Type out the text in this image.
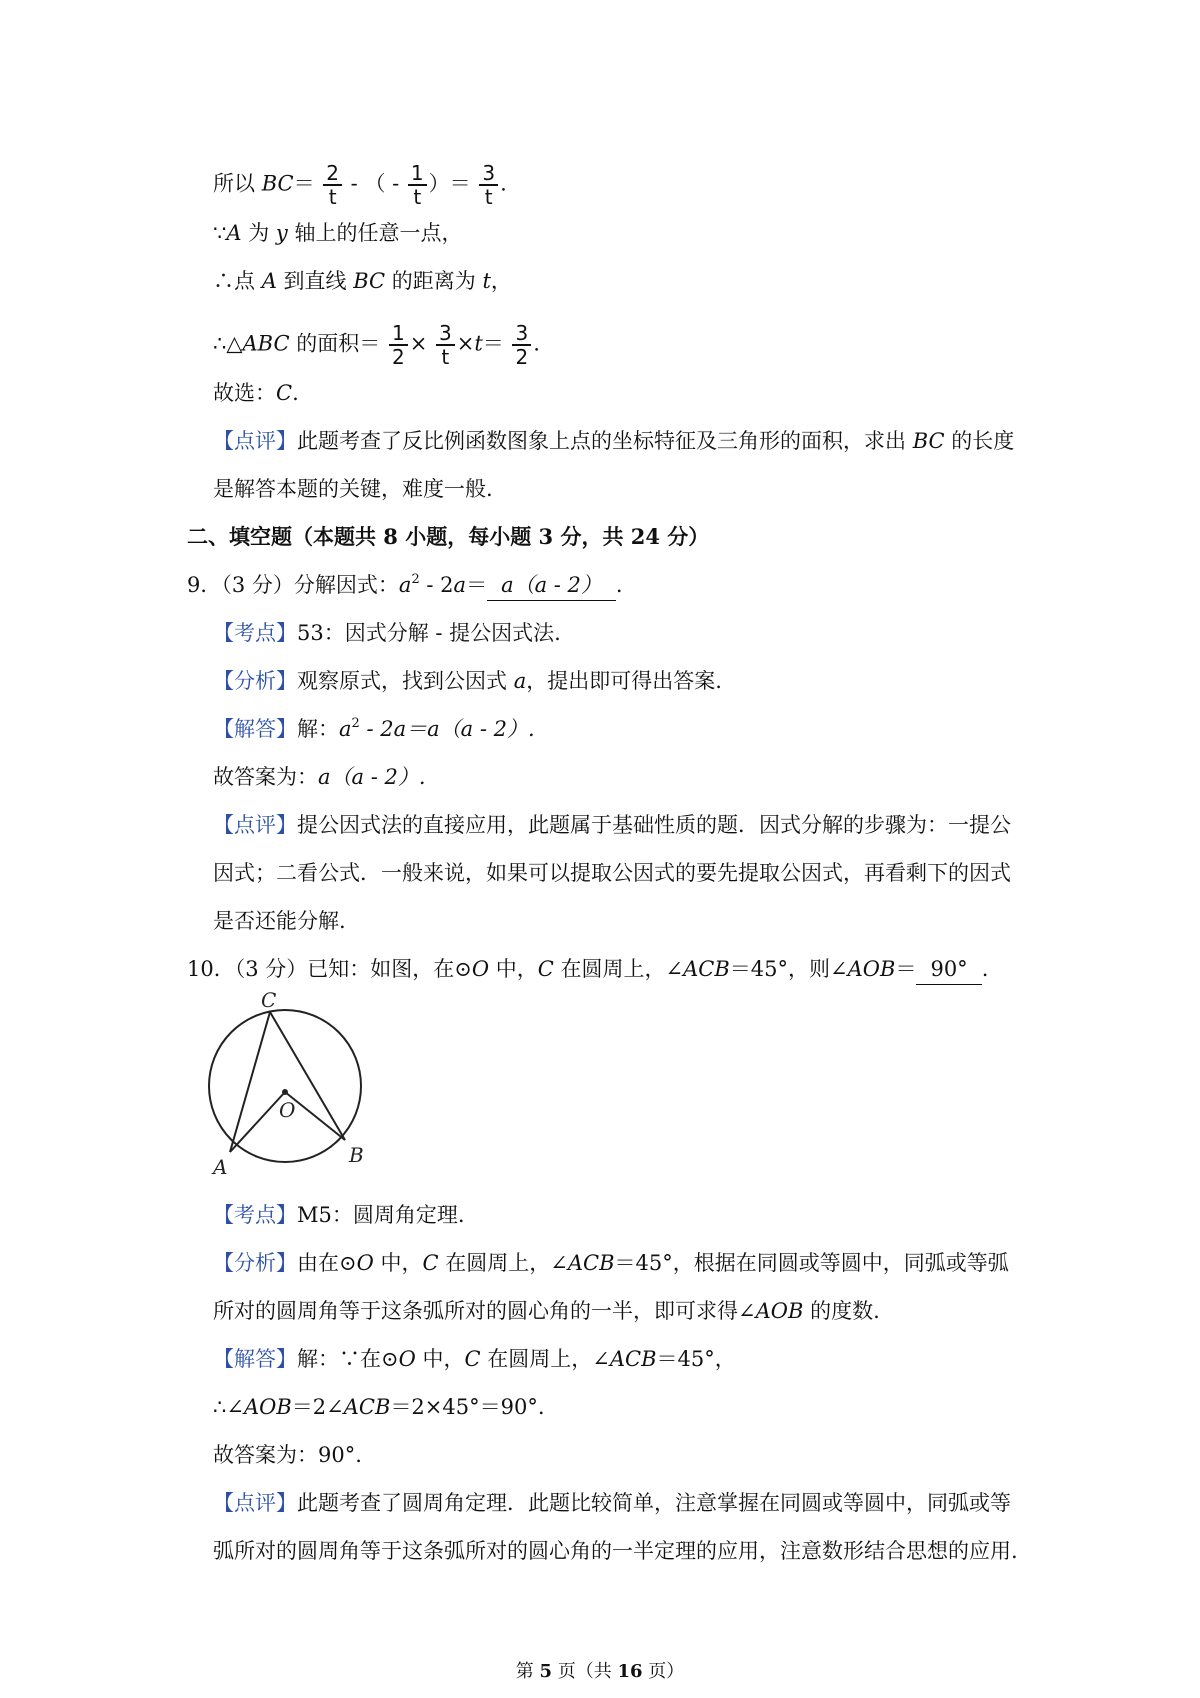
所以 $BC= \frac{2}{t}$ - （ - $\frac{1}{t}$ ）＝ $\frac{3}{t}$ .
∵A 为 y 轴上的任意一点，
∴点 A 到直线 BC 的距离为 t，
∴△ABC 的面积＝ $\frac{1}{2} \times \frac{3}{t} \times t= \frac{3}{2}$ .
故选：C.
【点评】此题考查了反比例函数图象上点的坐标特征及三角形的面积，求出 BC 的长度
是解答本题的关键，难度一般.
二、填空题（本题共 8 小题，每小题 3 分，共 24 分）
9．（3 分）分解因式：$a^2 - 2a= a(a - 2)$ .
【考点】53：因式分解 - 提公因式法.
【分析】观察原式，找到公因式 a，提出即可得出答案.
【解答】解：$a^2 - 2a=a(a - 2)$.
故答案为：a（a - 2）.
【点评】提公因式法的直接应用，此题属于基础性质的题．因式分解的步骤为：一提公
因式；二看公式．一般来说，如果可以提取公因式的要先提取公因式，再看剩下的因式
是否还能分解.
10．（3 分）已知：如图，在⊙O 中，C 在圆周上，∠ACB＝45°，则∠AOB＝ 90° .
C
O
A	B
【考点】M5：圆周角定理.
【分析】由在⊙O 中，C 在圆周上，∠ACB＝45°，根据在同圆或等圆中，同弧或等弧
所对的圆周角等于这条弧所对的圆心角的一半，即可求得∠AOB 的度数.
【解答】解：∵在⊙O 中，C 在圆周上，∠ACB＝45°，
∴∠AOB＝2∠ACB＝2×45°＝90°.
故答案为：90°.
【点评】此题考查了圆周角定理．此题比较简单，注意掌握在同圆或等圆中，同弧或等
弧所对的圆周角等于这条弧所对的圆心角的一半定理的应用，注意数形结合思想的应用.
第 5 页（共 16 页）
